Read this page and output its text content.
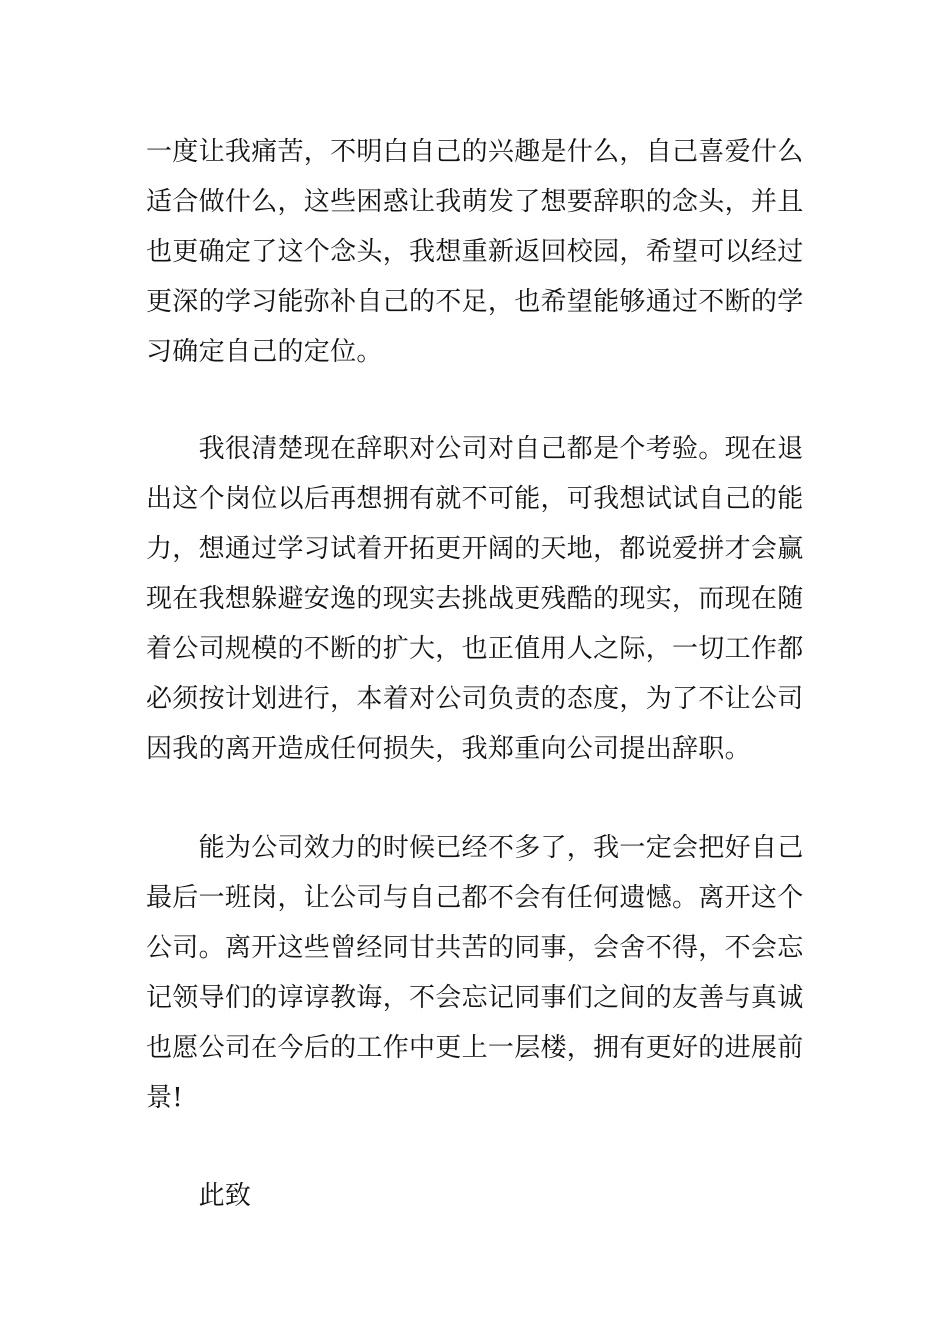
一度让我痛苦，不明白自己的兴趣是什么，自己喜爱什么
适合做什么，这些困惑让我萌发了想要辞职的念头，并且
也更确定了这个念头，我想重新返回校园，希望可以经过
更深的学习能弥补自己的不足，也希望能够通过不断的学
习确定自己的定位。
　　我很清楚现在辞职对公司对自己都是个考验。现在退
出这个岗位以后再想拥有就不可能，可我想试试自己的能
力，想通过学习试着开拓更开阔的天地，都说爱拼才会赢
现在我想躲避安逸的现实去挑战更残酷的现实，而现在随
着公司规模的不断的扩大，也正值用人之际，一切工作都
必须按计划进行，本着对公司负责的态度，为了不让公司
因我的离开造成任何损失，我郑重向公司提出辞职。
　　能为公司效力的时候已经不多了，我一定会把好自己
最后一班岗，让公司与自己都不会有任何遗憾。离开这个
公司。离开这些曾经同甘共苦的同事，会舍不得，不会忘
记领导们的谆谆教诲，不会忘记同事们之间的友善与真诚
也愿公司在今后的工作中更上一层楼，拥有更好的进展前
景!
　　此致
